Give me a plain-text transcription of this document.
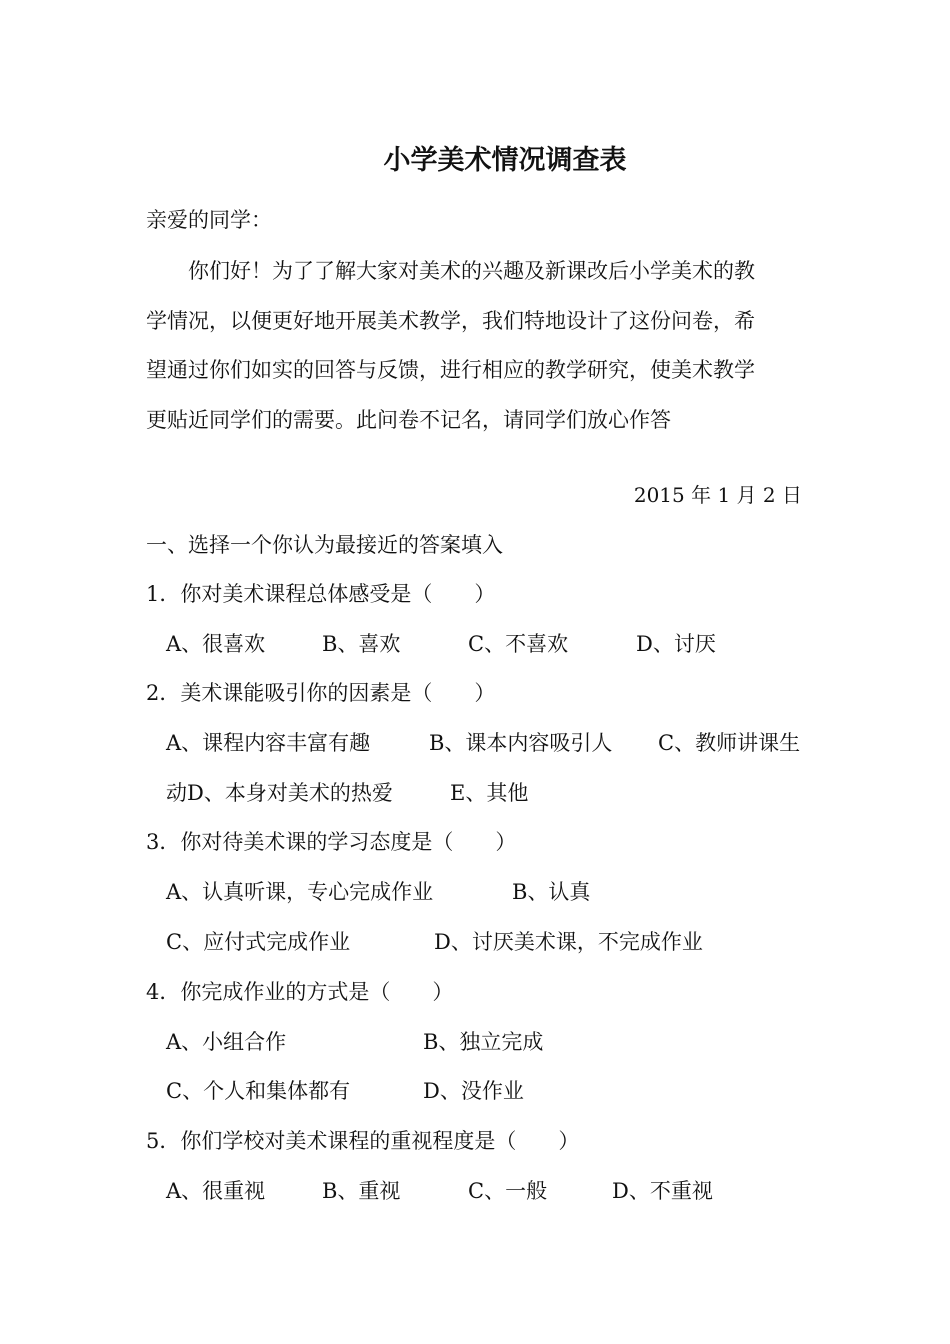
小学美术情况调查表
亲爱的同学：
你们好！为了了解大家对美术的兴趣及新课改后小学美术的教
学情况，以便更好地开展美术教学，我们特地设计了这份问卷，希
望通过你们如实的回答与反馈，进行相应的教学研究，使美术教学
更贴近同学们的需要。此问卷不记名，请同学们放心作答
2015 年 1 月 2 日
一、选择一个你认为最接近的答案填入
1．你对美术课程总体感受是（　　）
A、很喜欢	B、喜欢	C、不喜欢	D、讨厌
2．美术课能吸引你的因素是（　　）
A、课程内容丰富有趣	B、课本内容吸引人 C、教师讲课生
动D、本身对美术的热爱	E、其他
3．你对待美术课的学习态度是（　　）
A、认真听课，专心完成作业	B、认真
C、应付式完成作业	D、讨厌美术课，不完成作业
4．你完成作业的方式是（　　）
A、小组合作	B、独立完成
C、个人和集体都有	D、没作业
5．你们学校对美术课程的重视程度是（　　）
A、很重视	B、重视	C、一般	D、不重视
